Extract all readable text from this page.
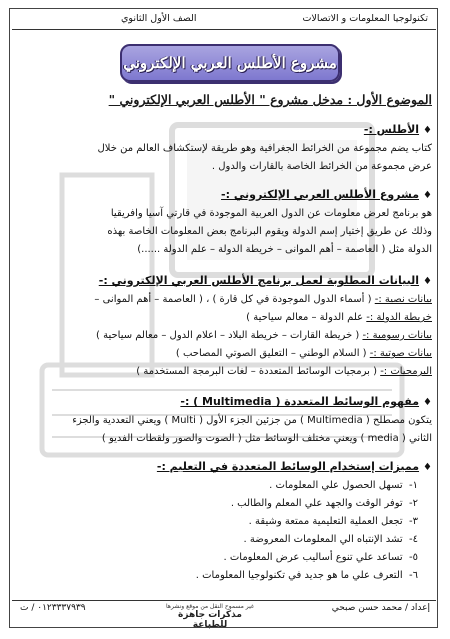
تكنولوجيا المعلومات و الاتصالات
الصف الأول الثانوي
مشروع الأطلس العربي الإلكتروني
الموضوع الأول : مدخل مشروع " الأطلس العربي الإلكتروني "
♦الأطلس :-
كتاب يضم مجموعة من الخرائط الجغرافية وهو طريقة لإستكشاف العالم من خلال
عرض مجموعة من الخرائط الخاصة بالقارات والدول .
♦مشروع الأطلس العربي الإلكتروني :-
هو برنامج لعرض معلومات عن الدول العربية الموجودة في قارتي آسيا وافريقيا
وذلك عن طريق إختيار إسم الدولة ويقوم البرنامج بعض المعلومات الخاصة بهذه
الدولة مثل ( العاصمة – أهم الموانى – خريطة الدولة – علم الدولة ......)
♦البيانات المطلوبة لعمل برنامج الأطلس العربي الإلكتروني :-
بيانات نصية :- ( أسماء الدول الموجودة في كل قارة ) ، ( العاصمة – أهم الموانى –
خريطة الدولة :- علم الدولة – معالم سياحية )
بيانات رسومية :- ( خريطة القارات – خريطة البلاد – اعلام الدول – معالم سياحية )
بيانات صوتية :- ( السلام الوطني – التعليق الصوتي المصاحب )
البرمجيات :- ( برمجيات الوسائط المتعددة – لغات البرمجة المستخدمة )
♦مفهوم الوسائط المتعددة ( Multimedia ) :-
يتكون مصطلح ( Multimedia ) من جزئين الجزء الأول ( Multi ) ويعني التعددية والجزء
الثاني ( media ) ويعني مختلف الوسائط مثل ( الصوت والصور ولقطات الفديو )
♦مميزات إستخدام الوسائط المتعددة في التعليم :-
١-  تسهل الحصول علي المعلومات .
٢-  توفر الوقت والجهد علي المعلم والطالب .
٣-  تجعل العملية التعليمية ممتعة وشيقة .
٤-  تشد الإنتباه الي المعلومات المعروضة .
٥-  تساعد علي تنوع أساليب عرض المعلومات .
٦-  التعرف علي ما هو جديد في تكنولوجيا المعلومات .
إعداد / محمد حسن صبحي
٠١٢٣٣٣٧٩٣٩ / ت	غير مسموح النقل من موقع ونشرها
مذكرات جاهزة للطباعة
